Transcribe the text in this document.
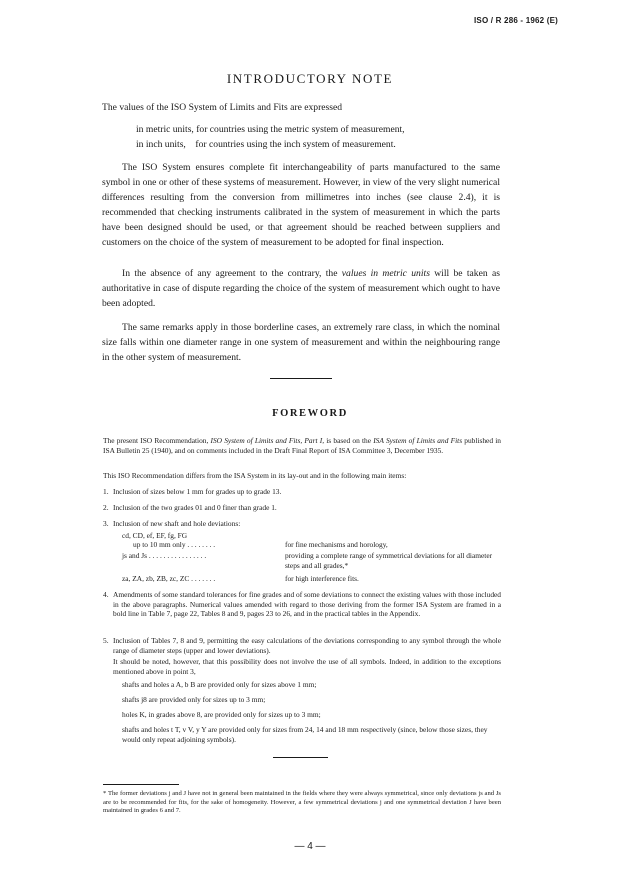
ISO / R 286 - 1962 (E)
INTRODUCTORY NOTE
The values of the ISO System of Limits and Fits are expressed
in metric units, for countries using the metric system of measurement,
in inch units,    for countries using the inch system of measurement.
The ISO System ensures complete fit interchangeability of parts manufactured to the same symbol in one or other of these systems of measurement. However, in view of the very slight numerical differences resulting from the conversion from millimetres into inches (see clause 2.4), it is recommended that checking instruments calibrated in the system of measurement in which the parts have been designed should be used, or that agreement should be reached between suppliers and customers on the choice of the system of measurement to be adopted for final inspection.
In the absence of any agreement to the contrary, the values in metric units will be taken as authoritative in case of dispute regarding the choice of the system of measurement which ought to have been adopted.
The same remarks apply in those borderline cases, an extremely rare class, in which the nominal size falls within one diameter range in one system of measurement and within the neighbouring range in the other system of measurement.
FOREWORD
The present ISO Recommendation, ISO System of Limits and Fits, Part I, is based on the ISA System of Limits and Fits published in ISA Bulletin 25 (1940), and on comments included in the Draft Final Report of ISA Committee 3, December 1935.
This ISO Recommendation differs from the ISA System in its lay-out and in the following main items:
1. Inclusion of sizes below 1 mm for grades up to grade 13.
2. Inclusion of the two grades 01 and 0 finer than grade 1.
3. Inclusion of new shaft and hole deviations:
cd, CD, ef, EF, fg, FG
up to 10 mm only . . . . . . . .	for fine mechanisms and horology,
js and Js . . . . . . . . . . . . . . . .	providing a complete range of symmetrical deviations for all diameter steps and all grades,*
za, ZA, zb, ZB, zc, ZC . . . . . . .	for high interference fits.
4. Amendments of some standard tolerances for fine grades and of some deviations to connect the existing values with those included in the above paragraphs. Numerical values amended with regard to those deriving from the former ISA System are framed in a bold line in Table 7, page 22, Tables 8 and 9, pages 23 to 26, and in the practical tables in the Appendix.
5. Inclusion of Tables 7, 8 and 9, permitting the easy calculations of the deviations corresponding to any symbol through the whole range of diameter steps (upper and lower deviations).
It should be noted, however, that this possibility does not involve the use of all symbols. Indeed, in addition to the exceptions mentioned above in point 3,
shafts and holes a A, b B are provided only for sizes above 1 mm;
shafts j8 are provided only for sizes up to 3 mm;
holes K, in grades above 8, are provided only for sizes up to 3 mm;
shafts and holes t T, v V, y Y are provided only for sizes from 24, 14 and 18 mm respectively (since, below those sizes, they would only repeat adjoining symbols).
* The former deviations j and J have not in general been maintained in the fields where they were always symmetrical, since only deviations js and Js are to be recommended for fits, for the sake of homogeneity. However, a few symmetrical deviations j and one symmetrical deviation J have been maintained in grades 6 and 7.
— 4 —
